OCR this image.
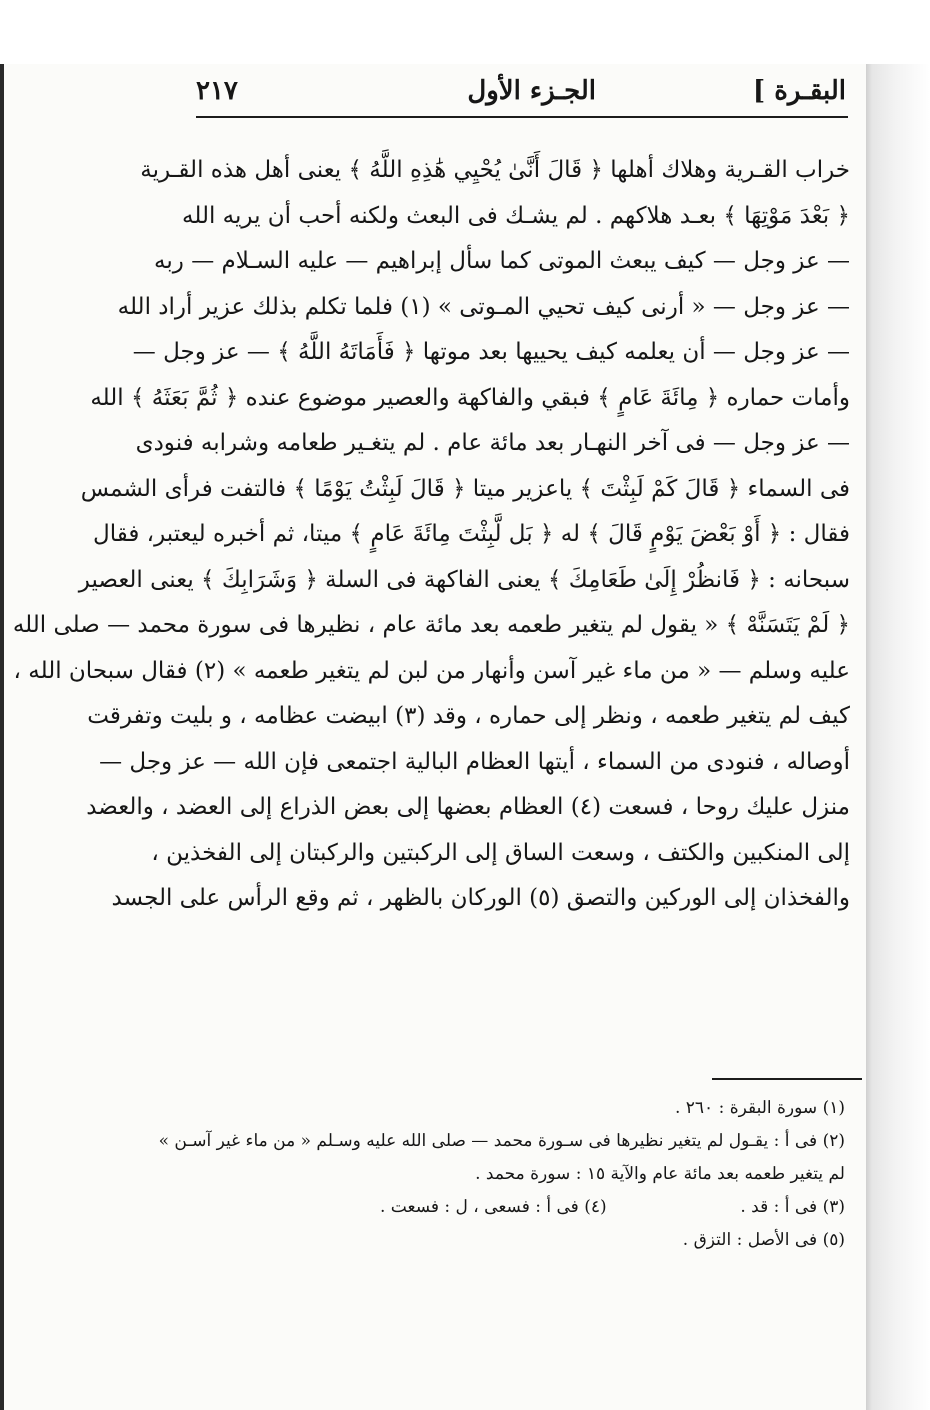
البقـرة ]
الجـزء الأول
٢١٧
خراب القـرية وهلاك أهلها ﴿ قَالَ أَنَّىٰ يُحْيِي هَٰذِهِ اللَّهُ ﴾ يعنى أهل هذه القـرية
﴿ بَعْدَ مَوْتِهَا ﴾ بعـد هلاكهم . لم يشـك فى البعث ولكنه أحب أن يريه الله
— عز وجل — كيف يبعث الموتى كما سأل إبراهيم — عليه السـلام — ربه
— عز وجل — « أرنى كيف تحيي المـوتى » (١) فلما تكلم بذلك عزير أراد الله
— عز وجل — أن يعلمه كيف يحييها بعد موتها ﴿ فَأَمَاتَهُ اللَّهُ ﴾ — عز وجل —
وأمات حماره ﴿ مِائَةَ عَامٍ ﴾ فبقي والفاكهة والعصير موضوع عنده ﴿ ثُمَّ بَعَثَهُ ﴾ الله
— عز وجل — فى آخر النهـار بعد مائة عام . لم يتغـير طعامه وشرابه فنودى
فى السماء ﴿ قَالَ كَمْ لَبِثْتَ ﴾ ياعزير ميتا ﴿ قَالَ لَبِثْتُ يَوْمًا ﴾ فالتفت فرأى الشمس
فقال : ﴿ أَوْ بَعْضَ يَوْمٍ قَالَ ﴾ له ﴿ بَل لَّبِثْتَ مِائَةَ عَامٍ ﴾ ميتا، ثم أخبره ليعتبر، فقال
سبحانه : ﴿ فَانظُرْ إِلَىٰ طَعَامِكَ ﴾ يعنى الفاكهة فى السلة ﴿ وَشَرَابِكَ ﴾ يعنى العصير
﴿ لَمْ يَتَسَنَّهْ ﴾ « يقول لم يتغير طعمه بعد مائة عام ، نظيرها فى سورة محمد — صلى الله
عليه وسلم — « من ماء غير آسن وأنهار من لبن لم يتغير طعمه » (٢) فقال سبحان الله ،
كيف لم يتغير طعمه ، ونظر إلى حماره ، وقد (٣) ابيضت عظامه ، و بليت وتفرقت
أوصاله ، فنودى من السماء ، أيتها العظام البالية اجتمعى فإن الله — عز وجل —
منزل عليك روحا ، فسعت (٤) العظام بعضها إلى بعض الذراع إلى العضد ، والعضد
إلى المنكبين والكتف ، وسعت الساق إلى الركبتين والركبتان إلى الفخذين ،
والفخذان إلى الوركين والتصق (٥) الوركان بالظهر ، ثم وقع الرأس على الجسد
(١) سورة البقرة : ٢٦٠ .
(٢) فى أ : يقـول لم يتغير نظيرها فى سـورة محمد — صلى الله عليه وسـلم « من ماء غير آسـن »
لم يتغير طعمه بعد مائة عام والآية ١٥ : سورة محمد .
(٣) فى أ : قد .
(٤) فى أ : فسعى ، ل : فسعت .
(٥) فى الأصل : التزق .
